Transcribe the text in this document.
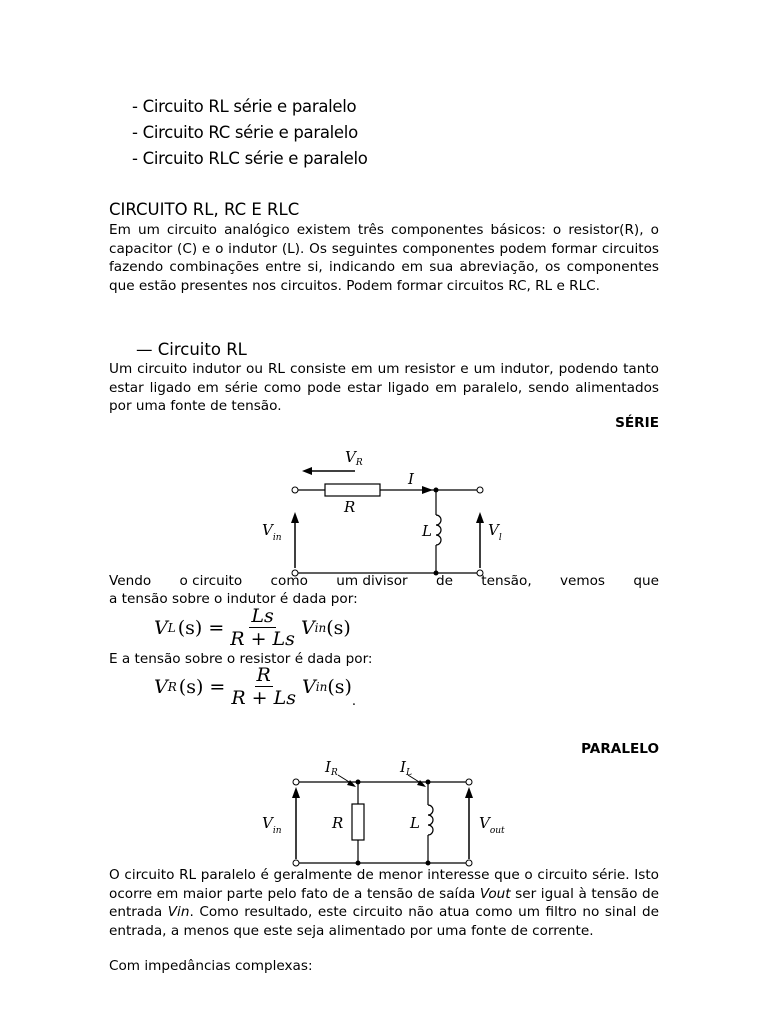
- Circuito RL série e paralelo
- Circuito RC série e paralelo
- Circuito RLC série e paralelo
CIRCUITO RL, RC E RLC

Em um circuito analógico existem três componentes básicos: o resistor(R), o capacitor (C) e o indutor (L). Os seguintes componentes podem formar circuitos fazendo combinações entre si, indicando em sua abreviação, os componentes que estão presentes nos circuitos. Podem formar circuitos RC, RL e RLC.

— Circuito RL

Um circuito indutor ou RL consiste em um resistor e um indutor, podendo tanto estar ligado em série como pode estar ligado em paralelo, sendo alimentados por uma fonte de tensão.

SÉRIE
$V_R$
I
R
L
$V_{in}$	$V_l$
Vendo o circuito como um divisor de tensão, vemos que
a tensão sobre o indutor é dada por:
V L $(s) = \frac{Ls}{R + Ls}$ V in (s)
E a tensão sobre o resistor é dada por:
V R $(s) = \frac{R}{R + Ls}$ V in (s)
.
PARALELO
$I_R$	$I_L$
R	L
$V_{in}$	$V_{out}$

O circuito RL paralelo é geralmente de menor interesse que o circuito série. Isto ocorre em maior parte pelo fato de a tensão de saída Vout ser igual à tensão de entrada Vin. Como resultado, este circuito não atua como um filtro no sinal de entrada, a menos que este seja alimentado por uma fonte de corrente.

Com impedâncias complexas:
